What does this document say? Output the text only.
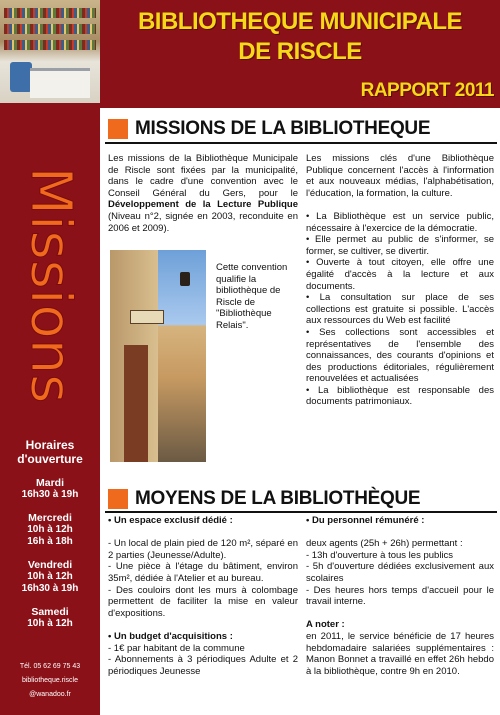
Missions
Horaires
d'ouverture
Mardi
16h30 à 19h
Mercredi
10h à 12h
16h à 18h
Vendredi
10h à 12h
16h30 à 19h
Samedi
10h à 12h
Tél. 05 62 69 75 43
bibliotheque.riscle
@wanadoo.fr
BIBLIOTHEQUE MUNICIPALE
DE RISCLE
RAPPORT 2011
MISSIONS DE LA BIBLIOTHEQUE
Les missions de la Bibliothèque Municipale de Riscle sont fixées par la municipalité, dans le cadre d'une convention avec le Conseil Général du Gers, pour le Développement de la Lecture Publique (Niveau n°2, signée en 2003, reconduite en 2006 et 2009).
Cette convention qualifie la bibliothèque de Riscle de "Bibliothèque Relais".

Les missions clés d'une Bibliothèque Publique concernent l'accès à l'information et aux nouveaux médias, l'alphabétisation, l'éducation, la formation, la culture.

• La Bibliothèque est un service public, nécessaire à l'exercice de la démocratie.

• Elle permet au public de s'informer, se former, se cultiver, se divertir.

• Ouverte à tout citoyen, elle offre une égalité d'accès à la lecture et aux documents.

• La consultation sur place de ses collections est gratuite si possible. L'accès aux ressources du Web est facilité

• Ses collections sont accessibles et représentatives de l'ensemble des connaissances, des courants d'opinions et des productions éditoriales, régulièrement renouvelées et actualisées

• La bibliothèque est responsable des documents patrimoniaux.

MOYENS DE LA BIBLIOTHÈQUE

• Un espace exclusif dédié :

- Un local de plain pied de 120 m², séparé en 2 parties (Jeunesse/Adulte).

- Une pièce à l'étage du bâtiment, environ 35m², dédiée à l'Atelier et au bureau.

- Des couloirs dont les murs à colombage permettent de faciliter la mise en valeur d'expositions.

• Un budget d'acquisitions :

- 1€ par habitant de la commune

- Abonnements à 3 périodiques Adulte et 2 périodiques Jeunesse

• Du personnel rémunéré :

deux agents (25h + 26h) permettant :

- 13h d'ouverture à tous les publics

- 5h d'ouverture dédiées exclusivement aux scolaires

- Des heures hors temps d'accueil pour le travail interne.

A noter :

en 2011, le service bénéficie de 17 heures hebdomadaire salariées supplémentaires : Manon Bonnet a travaillé en effet 26h hebdo à la bibliothèque, contre 9h en 2010.
